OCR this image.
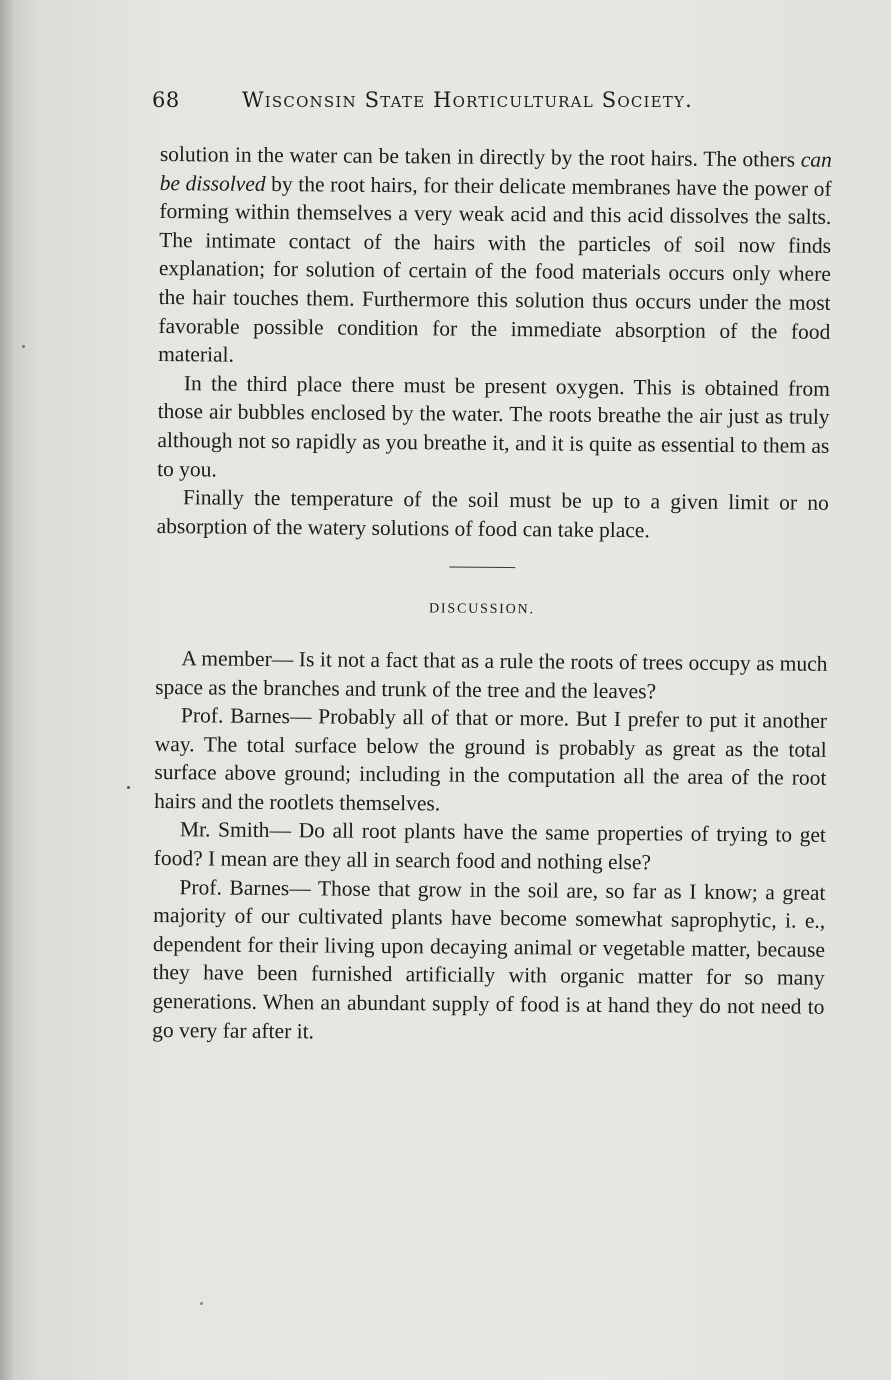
68	Wisconsin State Horticultural Society.

solution in the water can be taken in directly by the root hairs. The others can be dissolved by the root hairs, for their delicate membranes have the power of forming within themselves a very weak acid and this acid dissolves the salts. The intimate contact of the hairs with the particles of soil now finds explanation; for solution of certain of the food materials occurs only where the hair touches them. Furthermore this solution thus occurs under the most favorable possible condition for the immediate absorption of the food material.

In the third place there must be present oxygen. This is obtained from those air bubbles enclosed by the water. The roots breathe the air just as truly although not so rapidly as you breathe it, and it is quite as essential to them as to you.

Finally the temperature of the soil must be up to a given limit or no absorption of the watery solutions of food can take place.

DISCUSSION.

A member— Is it not a fact that as a rule the roots of trees occupy as much space as the branches and trunk of the tree and the leaves?

Prof. Barnes— Probably all of that or more. But I prefer to put it another way. The total surface below the ground is probably as great as the total surface above ground; including in the computation all the area of the root hairs and the rootlets themselves.

Mr. Smith— Do all root plants have the same properties of trying to get food? I mean are they all in search food and nothing else?

Prof. Barnes— Those that grow in the soil are, so far as I know; a great majority of our cultivated plants have become somewhat saprophytic, i. e., dependent for their living upon decaying animal or vegetable matter, because they have been furnished artificially with organic matter for so many generations. When an abundant supply of food is at hand they do not need to go very far after it.
